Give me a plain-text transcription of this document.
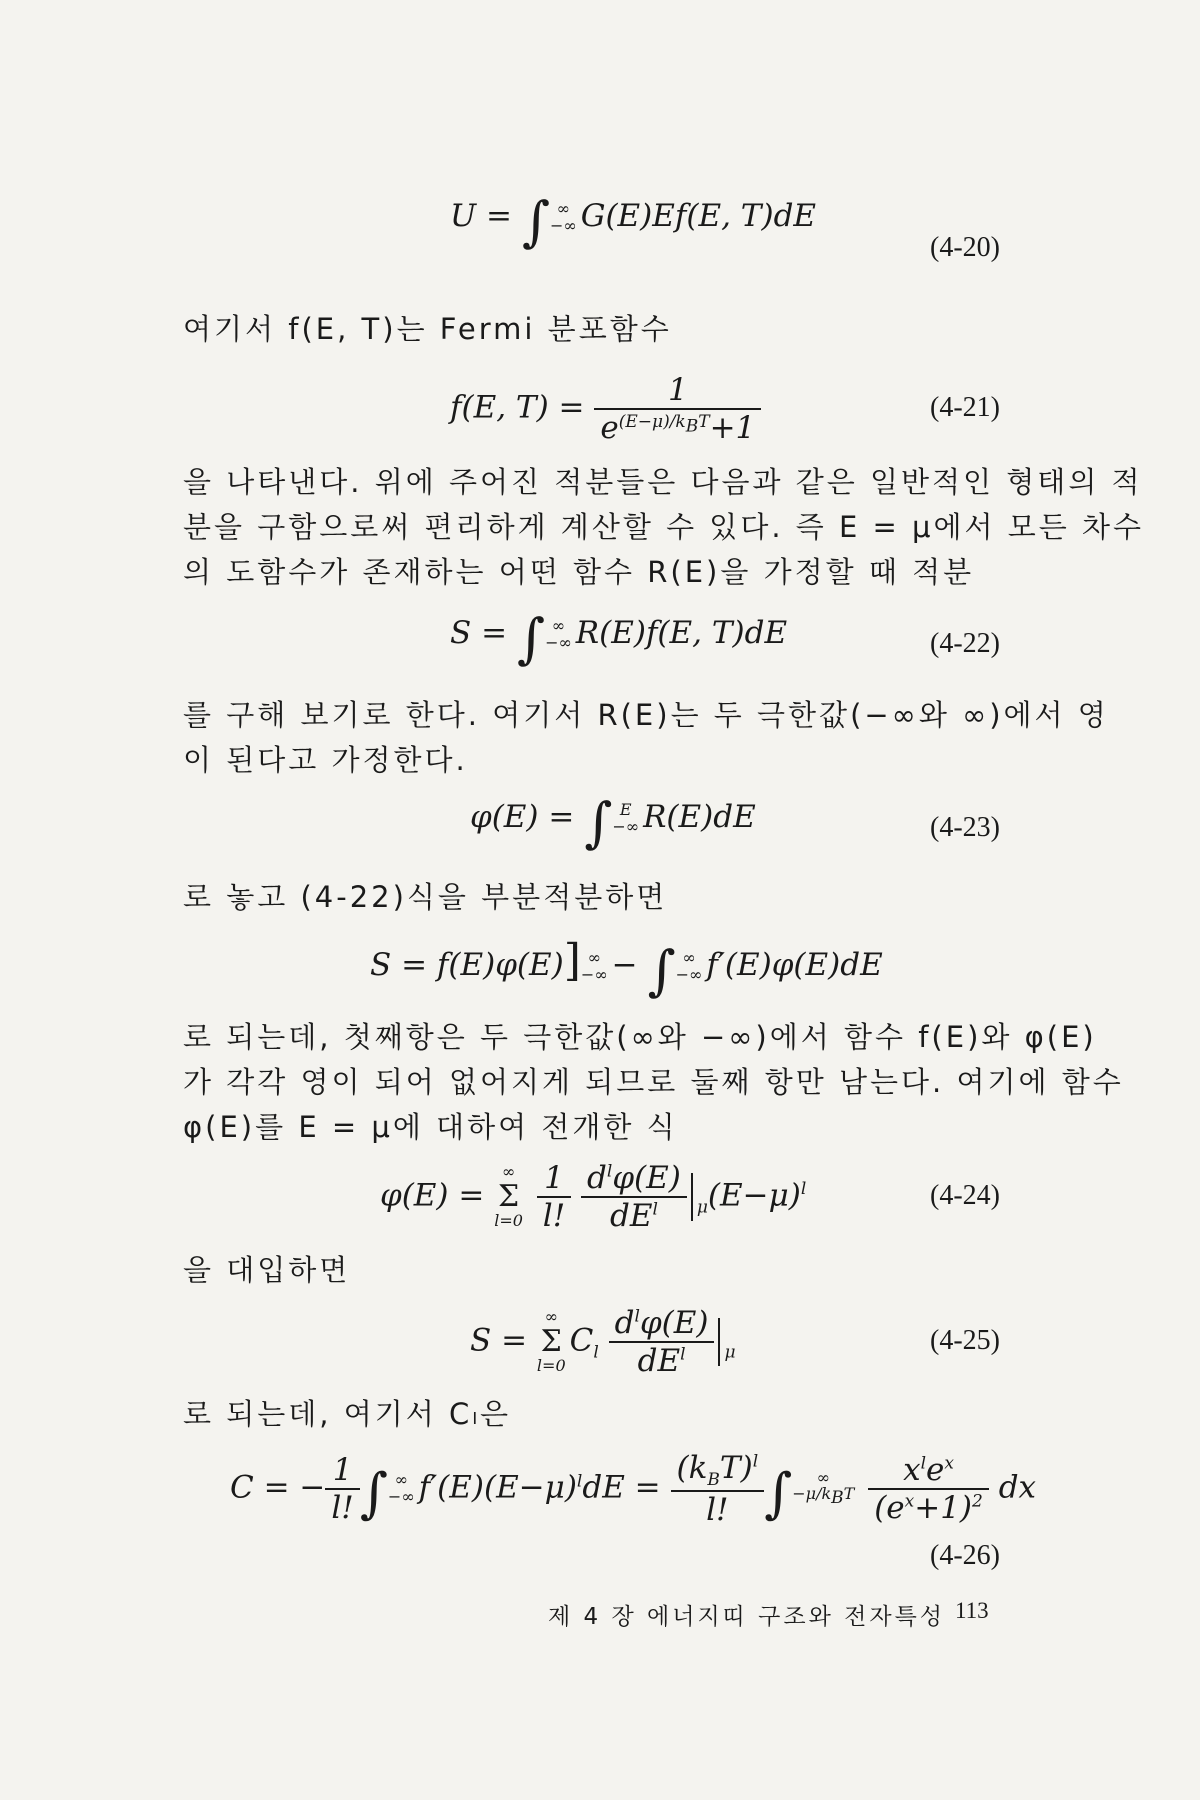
U = ∫ ∞
−∞ G(E)Ef(E, T)dE
(4-20)
여기서 f(E, T)는 Fermi 분포함수
f(E, $T) = \frac{1}{e^{(E-\mu)/k_BT}+1}$	(4-21)
을 나타낸다. 위에 주어진 적분들은 다음과 같은 일반적인 형태의 적
분을 구함으로써 편리하게 계산할 수 있다. 즉 E = μ에서 모든 차수
의 도함수가 존재하는 어떤 함수 R(E)을 가정할 때 적분
S = ∫ ∞
−∞ R(E)f(E, T)dE	(4-22)
를 구해 보기로 한다. 여기서 R(E)는 두 극한값(−∞와 ∞)에서 영
이 된다고 가정한다.
φ(E) = ∫ E
−∞ R(E)dE	(4-23)
로 놓고 (4-22)식을 부분적분하면
S = f(E)φ(E)] ∞
−∞ − ∫ ∞
−∞ f′(E)φ(E)dE
로 되는데, 첫째항은 두 극한값(∞와 −∞)에서 함수 f(E)와 φ(E)
가 각각 영이 되어 없어지게 되므로 둘째 항만 남는다. 여기에 함수
φ(E)를 E = μ에 대하여 전개한 식
φ(E) = ∞
Σ
$l=0 \frac{1}{l!}$
$\frac{d^l\varphi(E)}{dE^l} _\mu(E-\mu)^l$	(4-24)
을 대입하면
S = ∞
Σ
$l=0C_l \frac{d^l\varphi(E)}{dE^l} _\mu$	(4-25)
로 되는데, 여기서 Cₗ은
C = − $\frac{1}{l!}$ ∫ ∞
−∞ $f'(E)(E-\mu)^ldE = \frac{(k_BT)^l}{l!}$ ∫ ∞
$-\mu/k_BT \frac{x^le^x}{(e^x+1)^2}$ dx
(4-26)
제 4 장 에너지띠 구조와 전자특성 113
